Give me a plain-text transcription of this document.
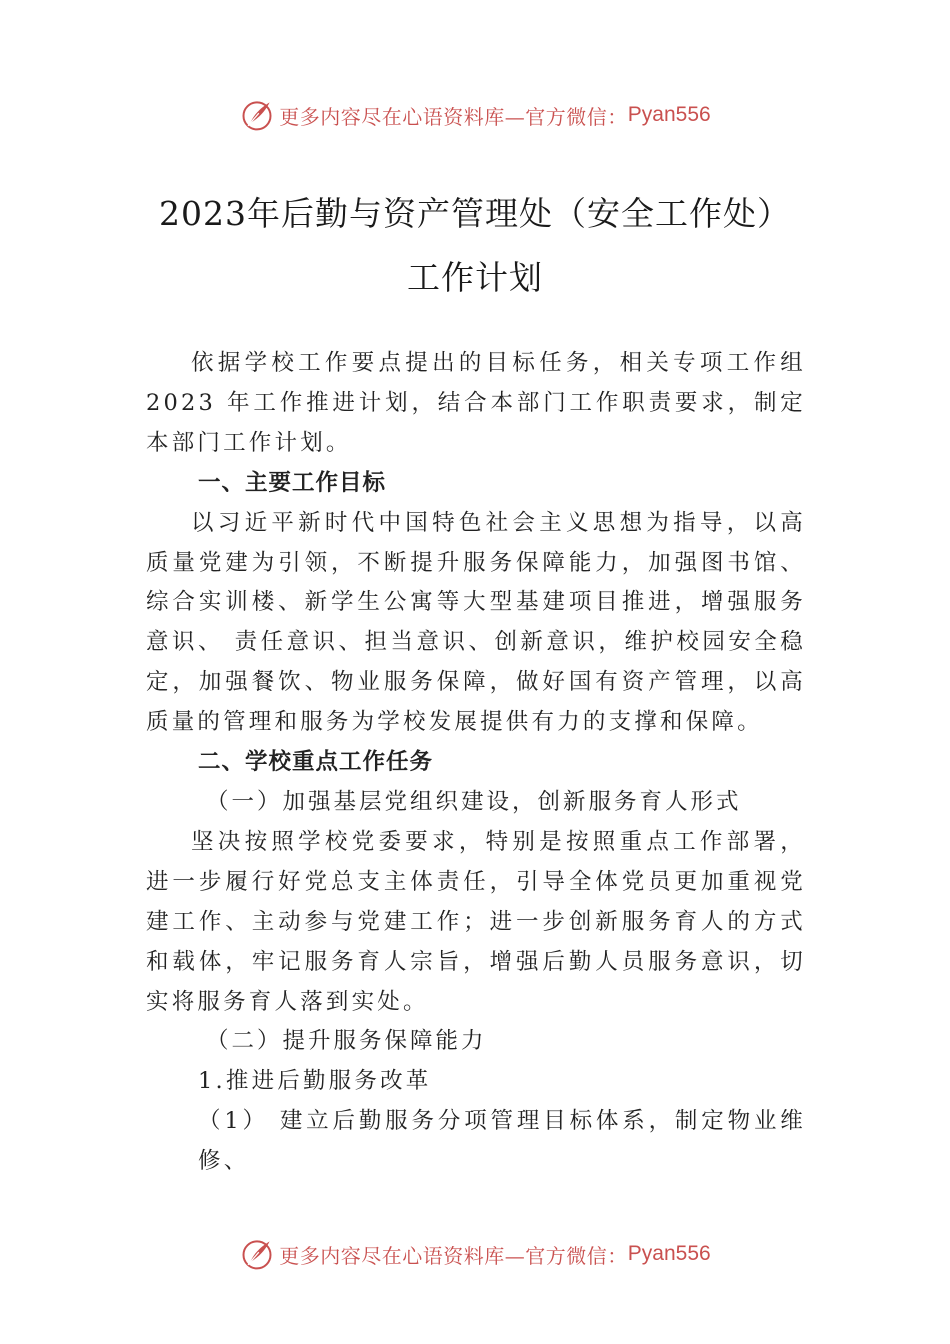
更多内容尽在心语资料库—官方微信： Pyan556
2023年后勤与资产管理处（安全工作处）
工作计划

依据学校工作要点提出的目标任务，相关专项工作组2023 年工作推进计划，结合本部门工作职责要求，制定本部门工作计划。

一、主要工作目标

以习近平新时代中国特色社会主义思想为指导，以高质量党建为引领，不断提升服务保障能力，加强图书馆、综合实训楼、新学生公寓等大型基建项目推进，增强服务意识、 责任意识、担当意识、创新意识，维护校园安全稳定，加强餐饮、物业服务保障，做好国有资产管理，以高质量的管理和服务为学校发展提供有力的支撑和保障。

二、学校重点工作任务

（一）加强基层党组织建设，创新服务育人形式

坚决按照学校党委要求，特别是按照重点工作部署，进一步履行好党总支主体责任，引导全体党员更加重视党建工作、主动参与党建工作；进一步创新服务育人的方式和载体，牢记服务育人宗旨，增强后勤人员服务意识，切实将服务育人落到实处。

（二）提升服务保障能力

1.推进后勤服务改革

（1） 建立后勤服务分项管理目标体系，制定物业维修、

更多内容尽在心语资料库—官方微信： Pyan556
